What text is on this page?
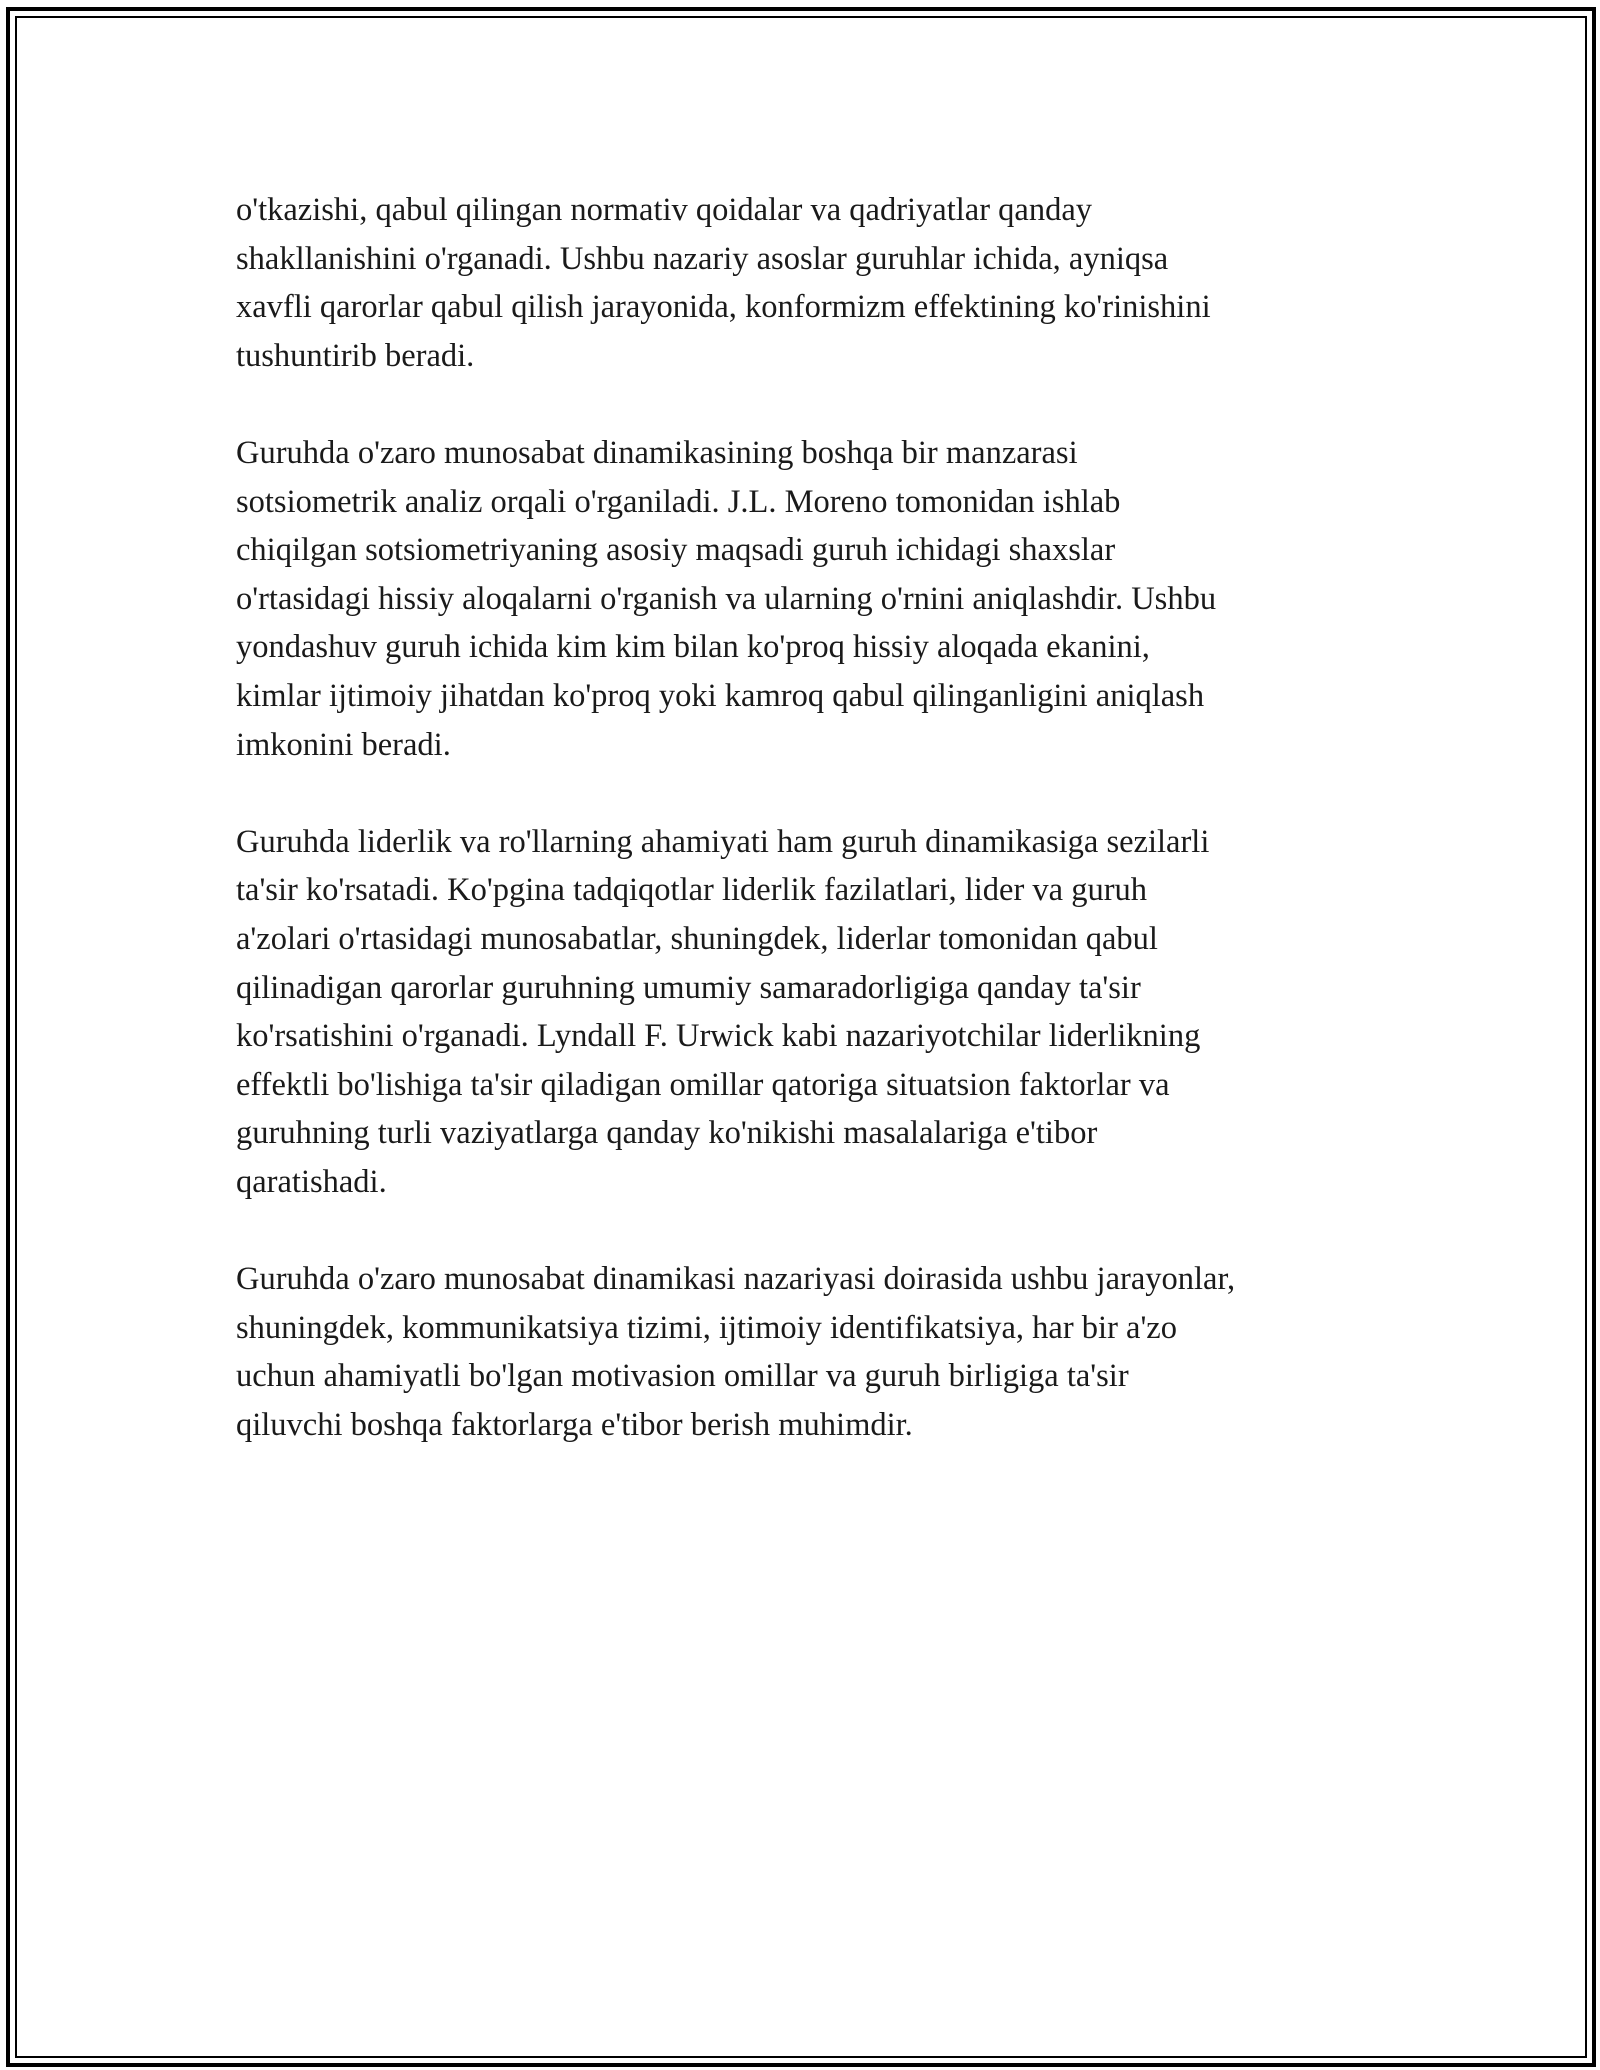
o'tkazishi, qabul qilingan normativ qoidalar va qadriyatlar qanday
shakllanishini o'rganadi. Ushbu nazariy asoslar guruhlar ichida, ayniqsa
xavfli qarorlar qabul qilish jarayonida, konformizm effektining ko'rinishini
tushuntirib beradi.

Guruhda o'zaro munosabat dinamikasining boshqa bir manzarasi
sotsiometrik analiz orqali o'rganiladi. J.L. Moreno tomonidan ishlab
chiqilgan sotsiometriyaning asosiy maqsadi guruh ichidagi shaxslar
o'rtasidagi hissiy aloqalarni o'rganish va ularning o'rnini aniqlashdir. Ushbu
yondashuv guruh ichida kim kim bilan ko'proq hissiy aloqada ekanini,
kimlar ijtimoiy jihatdan ko'proq yoki kamroq qabul qilinganligini aniqlash
imkonini beradi.

Guruhda liderlik va ro'llarning ahamiyati ham guruh dinamikasiga sezilarli
ta'sir ko'rsatadi. Ko'pgina tadqiqotlar liderlik fazilatlari, lider va guruh
a'zolari o'rtasidagi munosabatlar, shuningdek, liderlar tomonidan qabul
qilinadigan qarorlar guruhning umumiy samaradorligiga qanday ta'sir
ko'rsatishini o'rganadi. Lyndall F. Urwick kabi nazariyotchilar liderlikning
effektli bo'lishiga ta'sir qiladigan omillar qatoriga situatsion faktorlar va
guruhning turli vaziyatlarga qanday ko'nikishi masalalariga e'tibor
qaratishadi.

Guruhda o'zaro munosabat dinamikasi nazariyasi doirasida ushbu jarayonlar,
shuningdek, kommunikatsiya tizimi, ijtimoiy identifikatsiya, har bir a'zo
uchun ahamiyatli bo'lgan motivasion omillar va guruh birligiga ta'sir
qiluvchi boshqa faktorlarga e'tibor berish muhimdir.
